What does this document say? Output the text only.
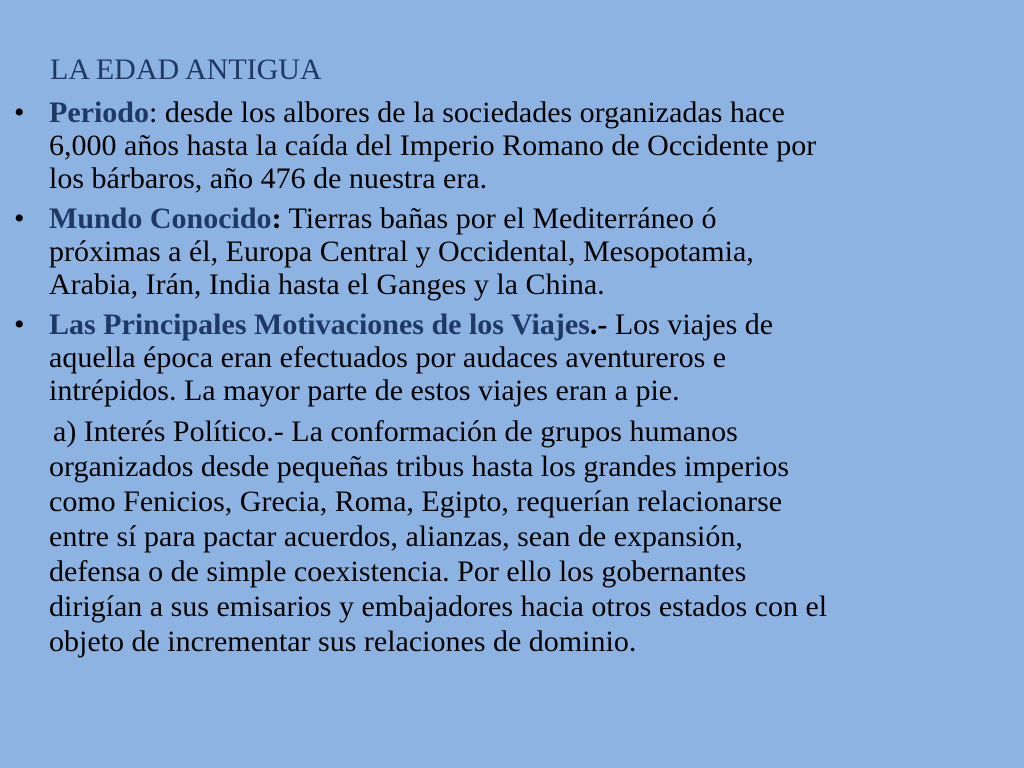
LA EDAD ANTIGUA
• Periodo: desde los albores de la sociedades organizadas hace
6,000 años hasta la caída del Imperio Romano de Occidente por
los bárbaros, año 476 de nuestra era.
• Mundo Conocido: Tierras bañas por el Mediterráneo ó
próximas a él, Europa Central y Occidental, Mesopotamia,
Arabia, Irán, India hasta el Ganges y la China.
• Las Principales Motivaciones de los Viajes.- Los viajes de
aquella época eran efectuados por audaces aventureros e
intrépidos. La mayor parte de estos viajes eran a pie.
a) Interés Político.- La conformación de grupos humanos
organizados desde pequeñas tribus hasta los grandes imperios
como Fenicios, Grecia, Roma, Egipto, requerían relacionarse
entre sí para pactar acuerdos, alianzas, sean de expansión,
defensa o de simple coexistencia. Por ello los gobernantes
dirigían a sus emisarios y embajadores hacia otros estados con el
objeto de incrementar sus relaciones de dominio.
